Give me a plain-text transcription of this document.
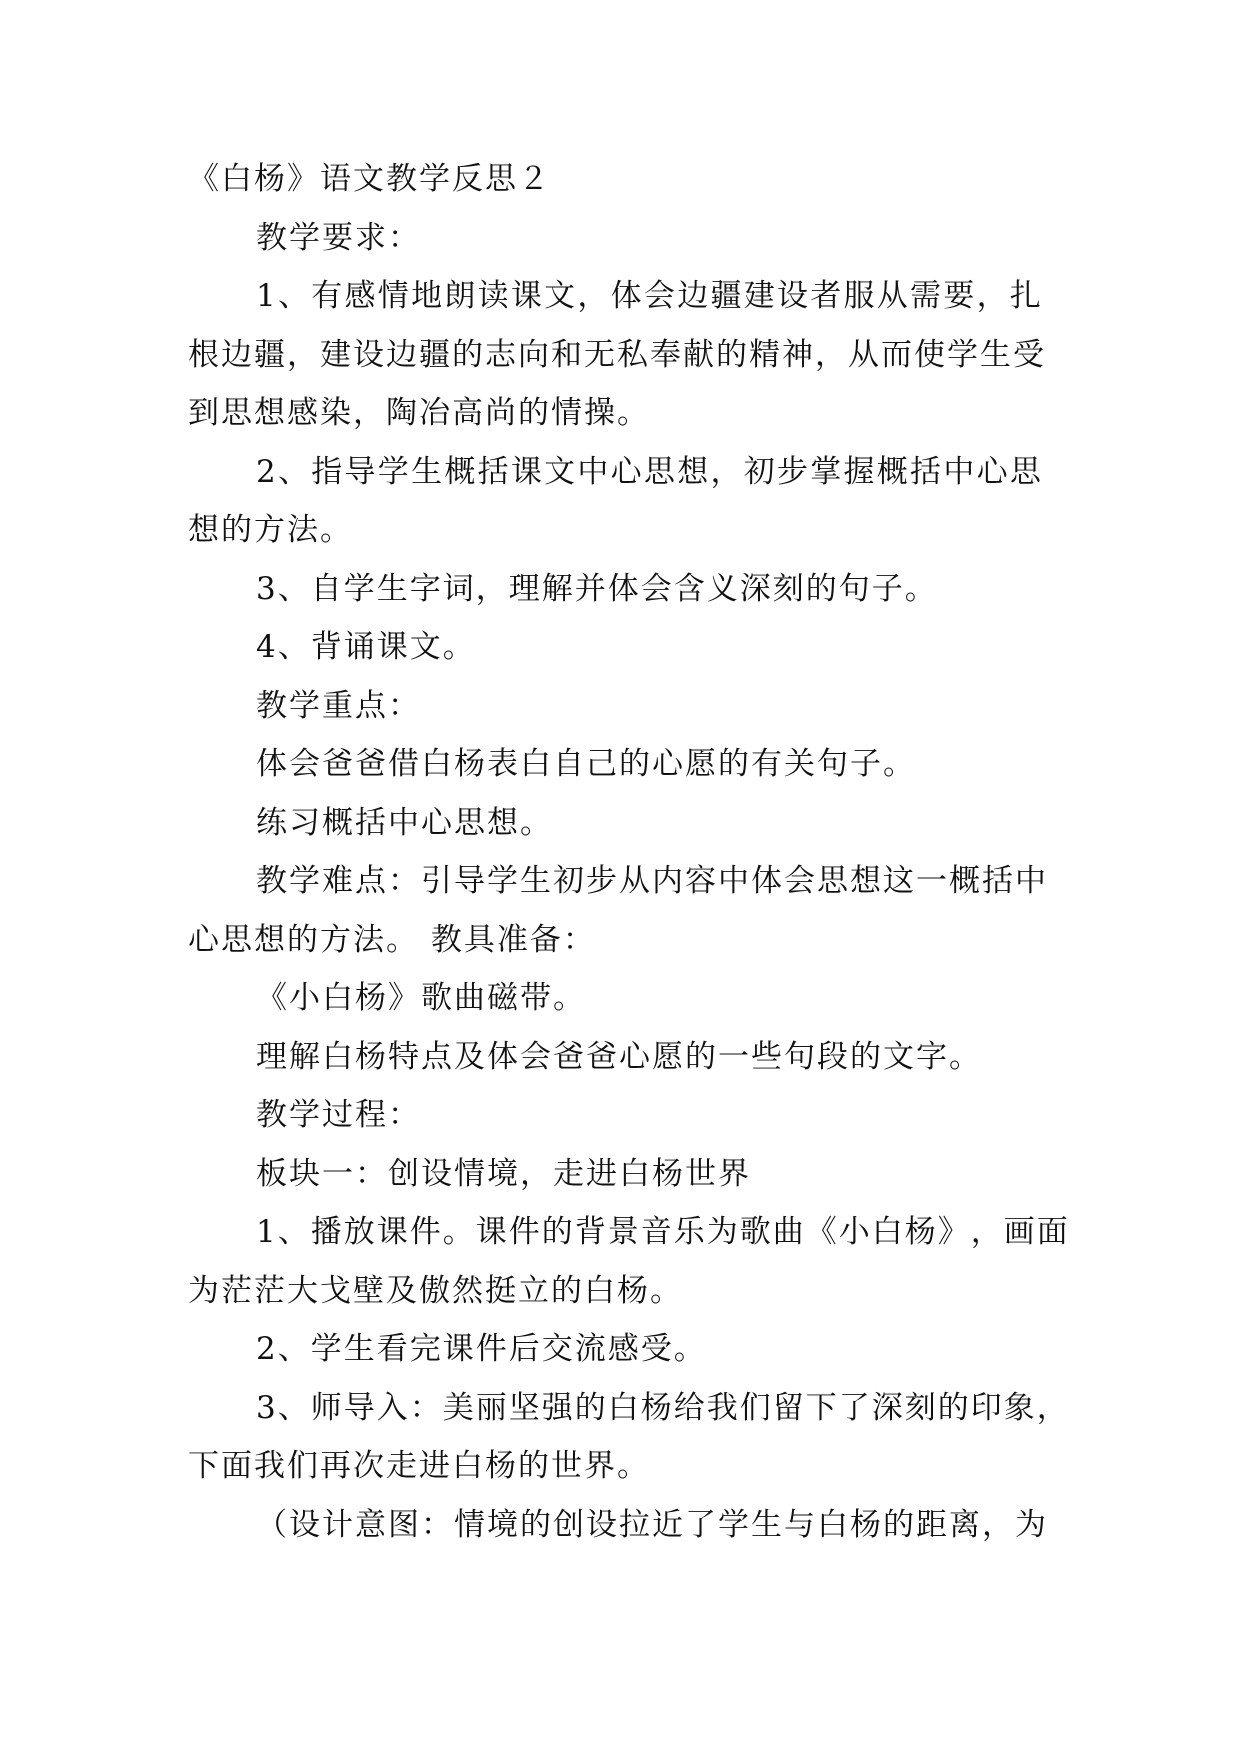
《白杨》语文教学反思２
教学要求：
1 、 有 感 情 地 朗 读 课 文 ， 体 会 边 疆 建 设 者 服 从 需 要 ， 扎
根 边 疆 ， 建 设 边 疆 的 志 向 和 无 私 奉 献 的 精 神 ， 从 而 使 学 生 受
到思想感染，陶冶高尚的情操。
2 、 指 导 学 生 概 括 课 文 中 心 思 想 ， 初 步 掌 握 概 括 中 心 思
想的方法。
3、自学生字词，理解并体会含义深刻的句子。
4、背诵课文。
教学重点：
体会爸爸借白杨表白自己的心愿的有关句子。
练习概括中心思想。
教 学 难 点 ： 引 导 学 生 初 步 从 内 容 中 体 会 思 想 这 一 概 括 中
心思想的方法。 教具准备：
《小白杨》歌曲磁带。
理解白杨特点及体会爸爸心愿的一些句段的文字。
教学过程：
板块一：创设情境，走进白杨世界
1 、 播 放 课 件 。 课 件 的 背 景 音 乐 为 歌 曲 《 小 白 杨 》 ， 画 面
为茫茫大戈壁及傲然挺立的白杨。
2、学生看完课件后交流感受。
3 、 师 导 入 ： 美 丽 坚 强 的 白 杨 给 我 们 留 下 了 深 刻 的 印 象 ，
下面我们再次走进白杨的世界。
（ 设 计 意 图 ： 情 境 的 创 设 拉 近 了 学 生 与 白 杨 的 距 离 ， 为
